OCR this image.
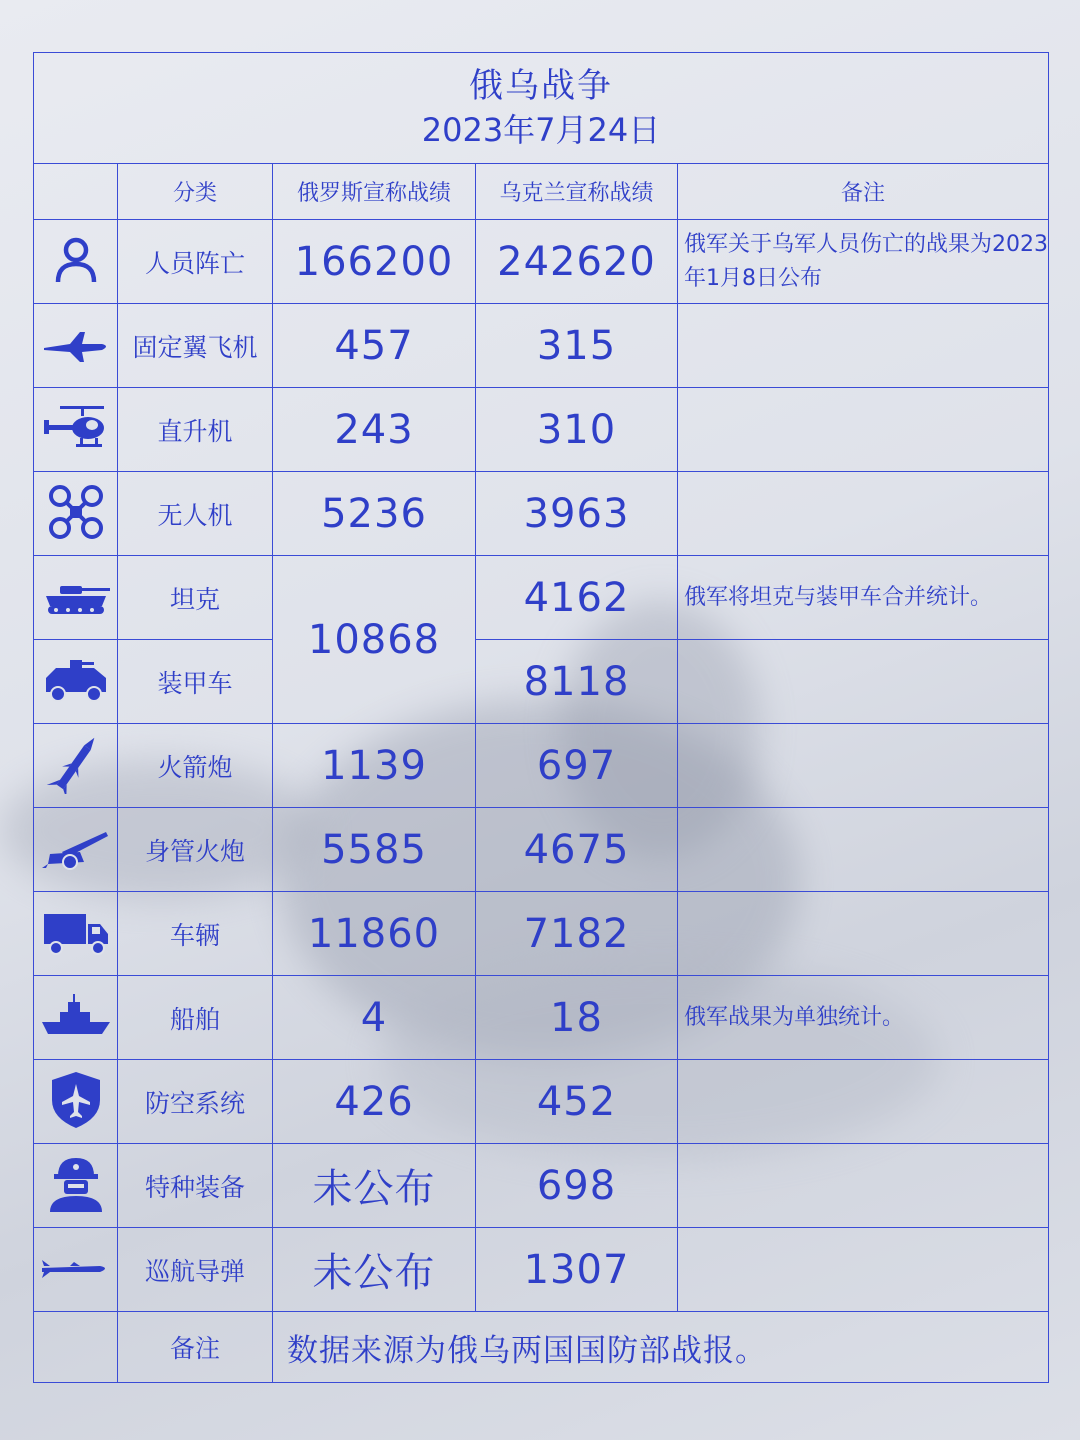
俄乌战争
2023年7月24日				

	分类	俄罗斯宣称战绩	乌克兰宣称战绩	备注
	人员阵亡	166200	242620	俄军关于乌军人员伤亡的战果为2023年1月8日公布
	固定翼飞机	457	315	
	直升机	243	310	
	无人机	5236	3963	
	坦克	10868	4162	俄军将坦克与装甲车合并统计。
	装甲车		8118	
	火箭炮	1139	697	
	身管火炮	5585	4675	
	车辆	11860	7182	
	船舶	4	18	俄军战果为单独统计。
	防空系统	426	452	
	特种装备	未公布	698	
	巡航导弹	未公布	1307	
	备注	数据来源为俄乌两国国防部战报。		
